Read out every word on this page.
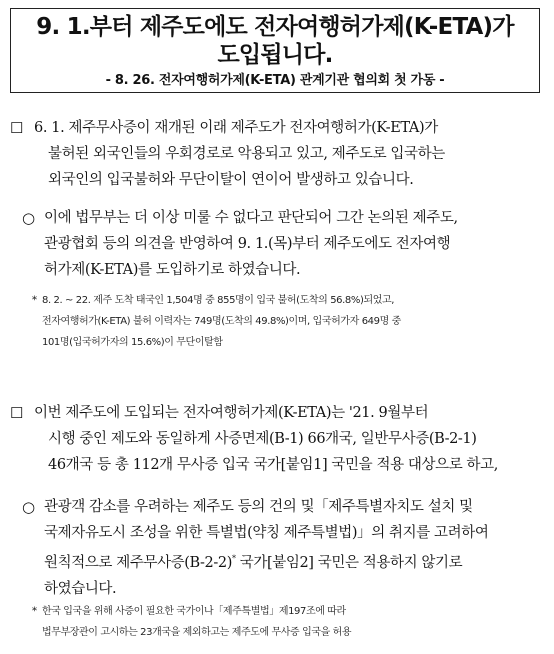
9. 1.부터 제주도에도 전자여행허가제(K-ETA)가
도입됩니다.
- 8. 26. 전자여행허가제(K-ETA) 관계기관 협의회 첫 가동 -
☐ 6. 1. 제주무사증이 재개된 이래 제주도가 전자여행허가(K-ETA)가
불허된 외국인들의 우회경로로 악용되고 있고, 제주도로 입국하는
외국인의 입국불허와 무단이탈이 연이어 발생하고 있습니다.
○ 이에 법무부는 더 이상 미룰 수 없다고 판단되어 그간 논의된 제주도,
관광협회 등의 의견을 반영하여 9. 1.(목)부터 제주도에도 전자여행
허가제(K-ETA)를 도입하기로 하였습니다.
* 8. 2. ~ 22. 제주 도착 태국인 1,504명 중 855명이 입국 불허(도착의 56.8%)되었고,
전자여행허가(K-ETA) 불허 이력자는 749명(도착의 49.8%)이며, 입국허가자 649명 중
101명(입국허가자의 15.6%)이 무단이탈함
☐ 이번 제주도에 도입되는 전자여행허가제(K-ETA)는 '21. 9월부터
시행 중인 제도와 동일하게 사증면제(B-1) 66개국, 일반무사증(B-2-1)
46개국 등 총 112개 무사증 입국 국가[붙임1] 국민을 적용 대상으로 하고,
○ 관광객 감소를 우려하는 제주도 등의 건의 및「제주특별자치도 설치 및
국제자유도시 조성을 위한 특별법(약칭 제주특별법)」의 취지를 고려하여
원칙적으로 제주무사증(B-2-2)* 국가[붙임2] 국민은 적용하지 않기로
하였습니다.
* 한국 입국을 위해 사증이 필요한 국가이나「제주특별법」제197조에 따라
법무부장관이 고시하는 23개국을 제외하고는 제주도에 무사증 입국을 허용
